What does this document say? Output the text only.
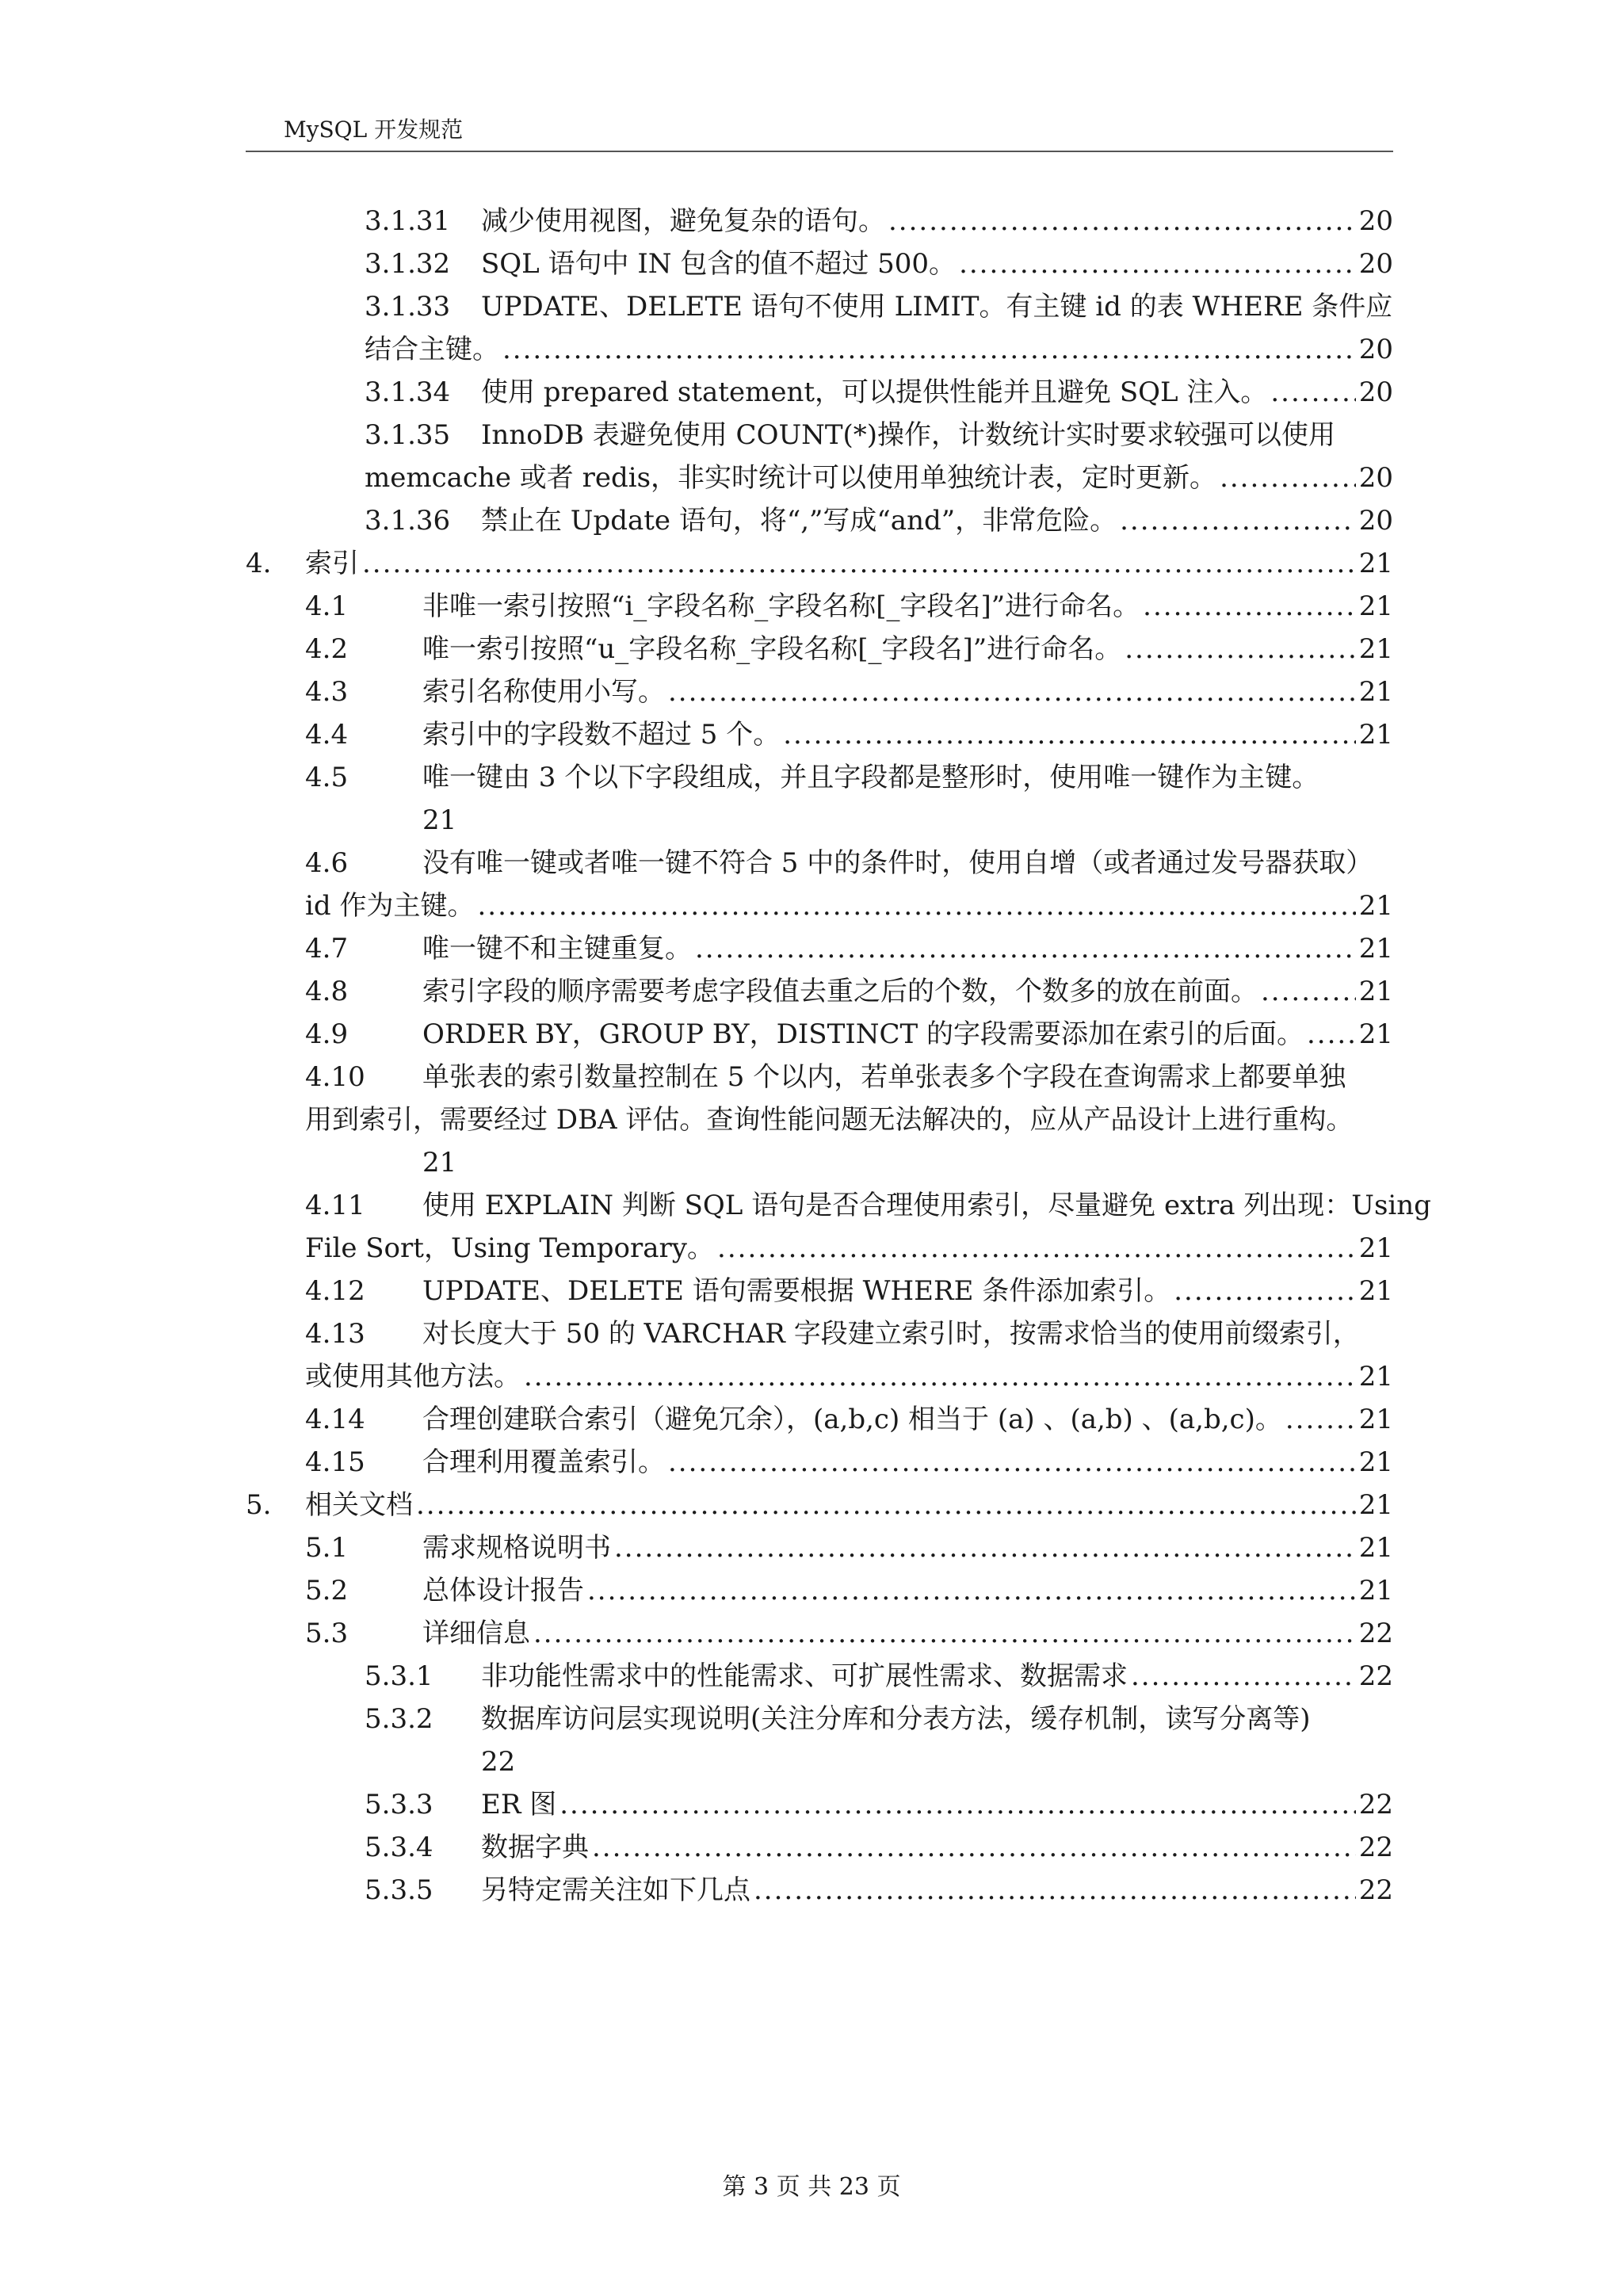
MySQL 开发规范
3.1.31	减少使用视图，避免复杂的语句。 .....	20
3.1.32	SQL 语句中 IN 包含的值不超过 500。 .....	20
3.1.33	UPDATE、DELETE 语句不使用 LIMIT。有主键 id 的表 WHERE 条件应
结合主键。 .....	20
3.1.34	使用 prepared statement，可以提供性能并且避免 SQL 注入。 .....	20
3.1.35	InnoDB 表避免使用 COUNT(*)操作，计数统计实时要求较强可以使用
memcache 或者 redis，非实时统计可以使用单独统计表，定时更新。 .....	20
3.1.36	禁止在 Update 语句，将“,”写成“and”，非常危险。 .....	20
4.	索引 .....	21
4.1	非唯一索引按照“i_字段名称_字段名称[_字段名]”进行命名。 .....	21
4.2	唯一索引按照“u_字段名称_字段名称[_字段名]”进行命名。 .....	21
4.3	索引名称使用小写。 .....	21
4.4	索引中的字段数不超过 5 个。 .....	21
4.5	唯一键由 3 个以下字段组成，并且字段都是整形时，使用唯一键作为主键。
21
4.6	没有唯一键或者唯一键不符合 5 中的条件时，使用自增（或者通过发号器获取）
id 作为主键。 .....	21
4.7	唯一键不和主键重复。 .....	21
4.8	索引字段的顺序需要考虑字段值去重之后的个数，个数多的放在前面。 .....	21
4.9	ORDER BY，GROUP BY，DISTINCT 的字段需要添加在索引的后面。 ..... 21
4.10	单张表的索引数量控制在 5 个以内，若单张表多个字段在查询需求上都要单独
用到索引，需要经过 DBA 评估。查询性能问题无法解决的，应从产品设计上进行重构。
21
4.11	使用 EXPLAIN 判断 SQL 语句是否合理使用索引，尽量避免 extra 列出现：Using
File Sort，Using Temporary。 .....	21
4.12	UPDATE、DELETE 语句需要根据 WHERE 条件添加索引。 .....	21
4.13	对长度大于 50 的 VARCHAR 字段建立索引时，按需求恰当的使用前缀索引，
或使用其他方法。 .....	21
4.14	合理创建联合索引（避免冗余），(a,b,c) 相当于 (a) 、(a,b) 、(a,b,c)。 .....	21
4.15	合理利用覆盖索引。 .....	21
5.	相关文档 .....	21
5.1	需求规格说明书 .....	21
5.2	总体设计报告 .....	21
5.3	详细信息 .....	22
5.3.1	非功能性需求中的性能需求、可扩展性需求、数据需求 .....	22
5.3.2	数据库访问层实现说明(关注分库和分表方法，缓存机制，读写分离等)
22
5.3.3	ER 图 .....	22
5.3.4	数据字典 .....	22
5.3.5	另特定需关注如下几点 .....	22
第 3 页 共 23 页
